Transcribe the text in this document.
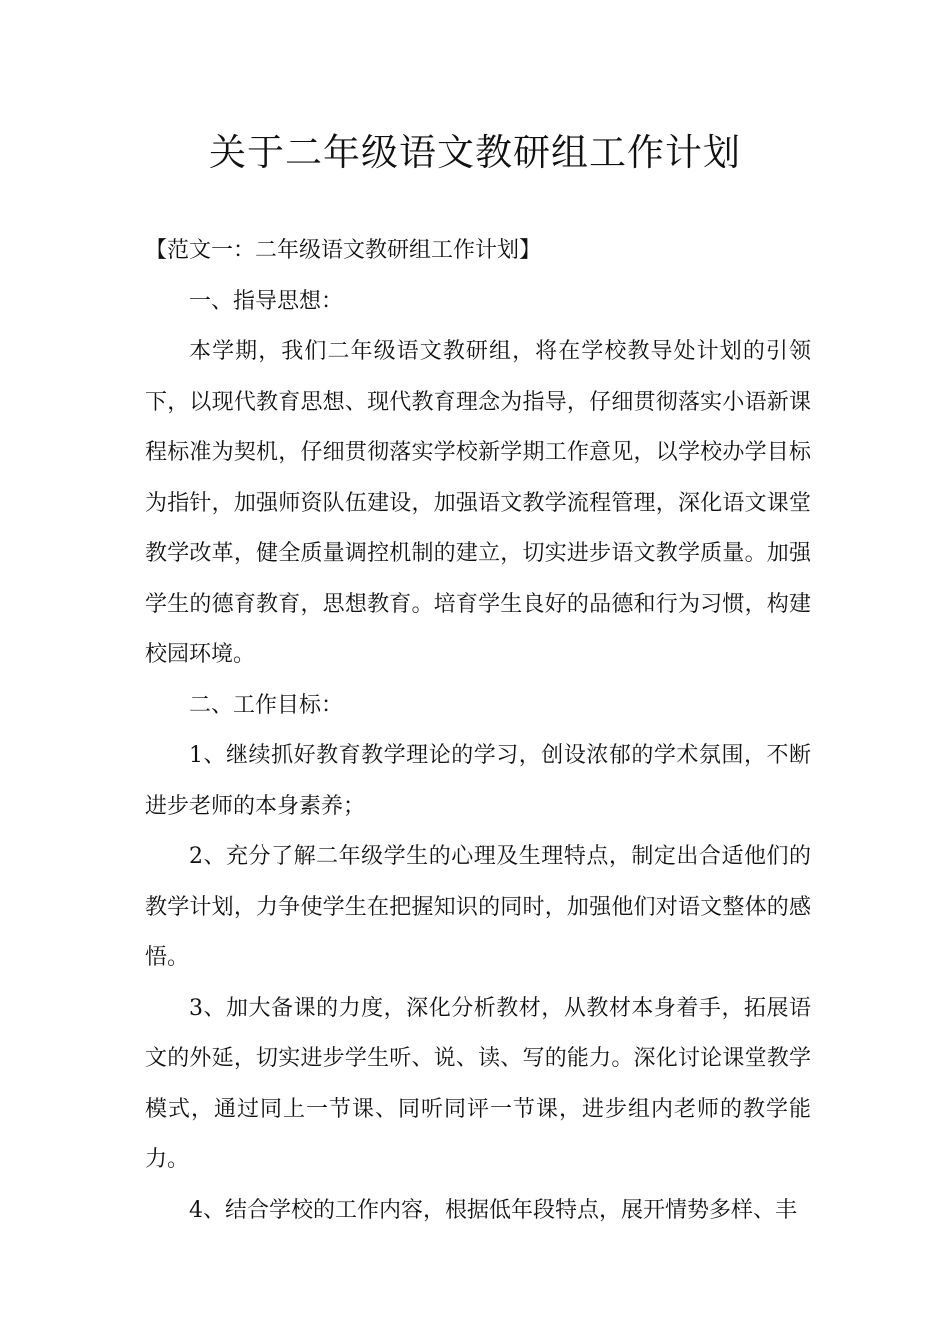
关于二年级语文教研组工作计划

【范文一：二年级语文教研组工作计划】

一、指导思想：

本学期，我们二年级语文教研组，将在学校教导处计划的引领下，以现代教育思想、现代教育理念为指导，仔细贯彻落实小语新课程标准为契机，仔细贯彻落实学校新学期工作意见，以学校办学目标为指针，加强师资队伍建设，加强语文教学流程管理，深化语文课堂教学改革，健全质量调控机制的建立，切实进步语文教学质量。加强学生的德育教育，思想教育。培育学生良好的品德和行为习惯，构建校园环境。

二、工作目标：

1、继续抓好教育教学理论的学习，创设浓郁的学术氛围，不断进步老师的本身素养；

2、充分了解二年级学生的心理及生理特点，制定出合适他们的教学计划，力争使学生在把握知识的同时，加强他们对语文整体的感悟。

3、加大备课的力度，深化分析教材，从教材本身着手，拓展语文的外延，切实进步学生听、说、读、写的能力。深化讨论课堂教学模式，通过同上一节课、同听同评一节课，进步组内老师的教学能力。

4、结合学校的工作内容，根据低年段特点，展开情势多样、丰
